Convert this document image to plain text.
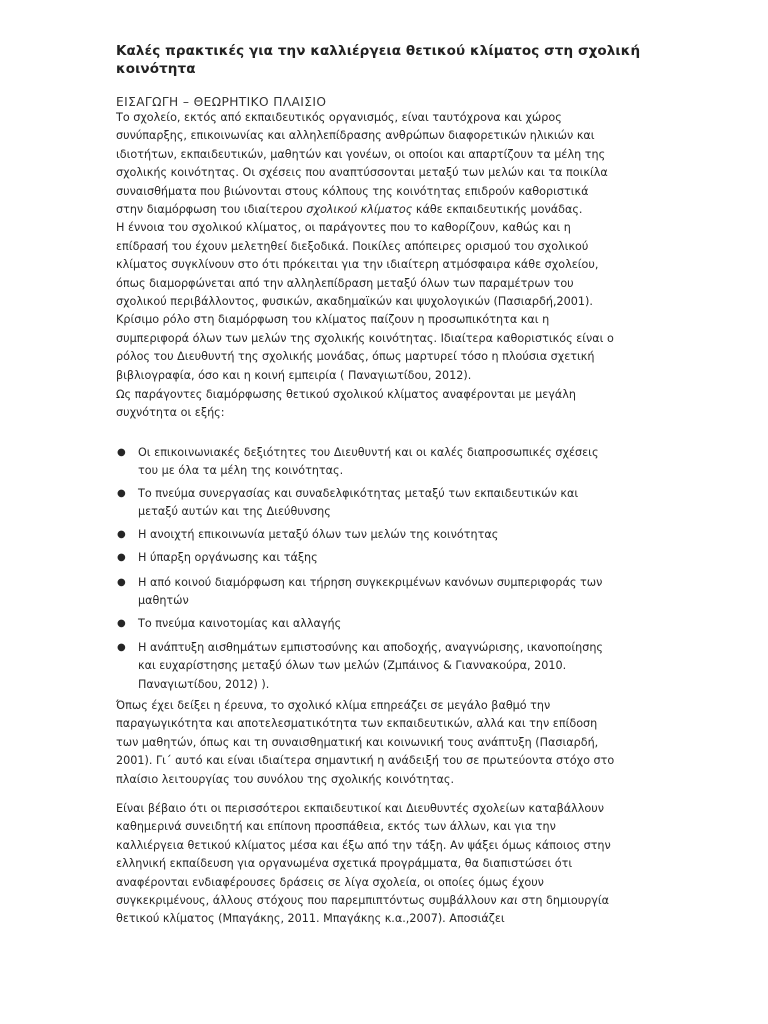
Καλές πρακτικές για την καλλιέργεια θετικού κλίματος στη σχολική
κοινότητα
ΕΙΣΑΓΩΓΗ – ΘΕΩΡΗΤΙΚΟ ΠΛΑΙΣΙΟ
Το σχολείο, εκτός από εκπαιδευτικός οργανισμός, είναι ταυτόχρονα και χώρος
συνύπαρξης, επικοινωνίας και αλληλεπίδρασης ανθρώπων διαφορετικών ηλικιών και
ιδιοτήτων, εκπαιδευτικών, μαθητών και γονέων, οι οποίοι και απαρτίζουν τα μέλη της
σχολικής κοινότητας. Οι σχέσεις που αναπτύσσονται μεταξύ των μελών και τα ποικίλα
συναισθήματα που βιώνονται στους κόλπους της κοινότητας επιδρούν καθοριστικά
στην διαμόρφωση του ιδιαίτερου σχολικού κλίματος κάθε εκπαιδευτικής μονάδας.
Η έννοια του σχολικού κλίματος, οι παράγοντες που το καθορίζουν, καθώς και η
επίδρασή του έχουν μελετηθεί διεξοδικά. Ποικίλες απόπειρες ορισμού του σχολικού
κλίματος συγκλίνουν στο ότι πρόκειται για την ιδιαίτερη ατμόσφαιρα κάθε σχολείου,
όπως διαμορφώνεται από την αλληλεπίδραση μεταξύ όλων των παραμέτρων του
σχολικού περιβάλλοντος, φυσικών, ακαδημαϊκών και ψυχολογικών (Πασιαρδή,2001).
Κρίσιμο ρόλο στη διαμόρφωση του κλίματος παίζουν η προσωπικότητα και η
συμπεριφορά όλων των μελών της σχολικής κοινότητας. Ιδιαίτερα καθοριστικός είναι ο
ρόλος του Διευθυντή της σχολικής μονάδας, όπως μαρτυρεί τόσο η πλούσια σχετική
βιβλιογραφία, όσο και η κοινή εμπειρία ( Παναγιωτίδου, 2012).
Ως παράγοντες διαμόρφωσης θετικού σχολικού κλίματος αναφέρονται με μεγάλη
συχνότητα οι εξής:
● Οι επικοινωνιακές δεξιότητες του Διευθυντή και οι καλές διαπροσωπικές σχέσεις
του με όλα τα μέλη της κοινότητας.
● Το πνεύμα συνεργασίας και συναδελφικότητας μεταξύ των εκπαιδευτικών και
μεταξύ αυτών και της Διεύθυνσης
● Η ανοιχτή επικοινωνία μεταξύ όλων των μελών της κοινότητας
● Η ύπαρξη οργάνωσης και τάξης
● Η από κοινού διαμόρφωση και τήρηση συγκεκριμένων κανόνων συμπεριφοράς των
μαθητών
● Το πνεύμα καινοτομίας και αλλαγής
● Η ανάπτυξη αισθημάτων εμπιστοσύνης και αποδοχής, αναγνώρισης, ικανοποίησης
και ευχαρίστησης μεταξύ όλων των μελών (Ζμπάινος & Γιαννακούρα, 2010.
Παναγιωτίδου, 2012) ).
Όπως έχει δείξει η έρευνα, το σχολικό κλίμα επηρεάζει σε μεγάλο βαθμό την
παραγωγικότητα και αποτελεσματικότητα των εκπαιδευτικών, αλλά και την επίδοση
των μαθητών, όπως και τη συναισθηματική και κοινωνική τους ανάπτυξη (Πασιαρδή,
2001). Γι΄ αυτό και είναι ιδιαίτερα σημαντική η ανάδειξή του σε πρωτεύοντα στόχο στο
πλαίσιο λειτουργίας του συνόλου της σχολικής κοινότητας.
Είναι βέβαιο ότι οι περισσότεροι εκπαιδευτικοί και Διευθυντές σχολείων καταβάλλουν
καθημερινά συνειδητή και επίπονη προσπάθεια, εκτός των άλλων, και για την
καλλιέργεια θετικού κλίματος μέσα και έξω από την τάξη. Αν ψάξει όμως κάποιος στην
ελληνική εκπαίδευση για οργανωμένα σχετικά προγράμματα, θα διαπιστώσει ότι
αναφέρονται ενδιαφέρουσες δράσεις σε λίγα σχολεία, οι οποίες όμως έχουν
συγκεκριμένους, άλλους στόχους που παρεμπιπτόντως συμβάλλουν και στη δημιουργία
θετικού κλίματος (Μπαγάκης, 2011. Μπαγάκης κ.α.,2007). Αποσιάζει
